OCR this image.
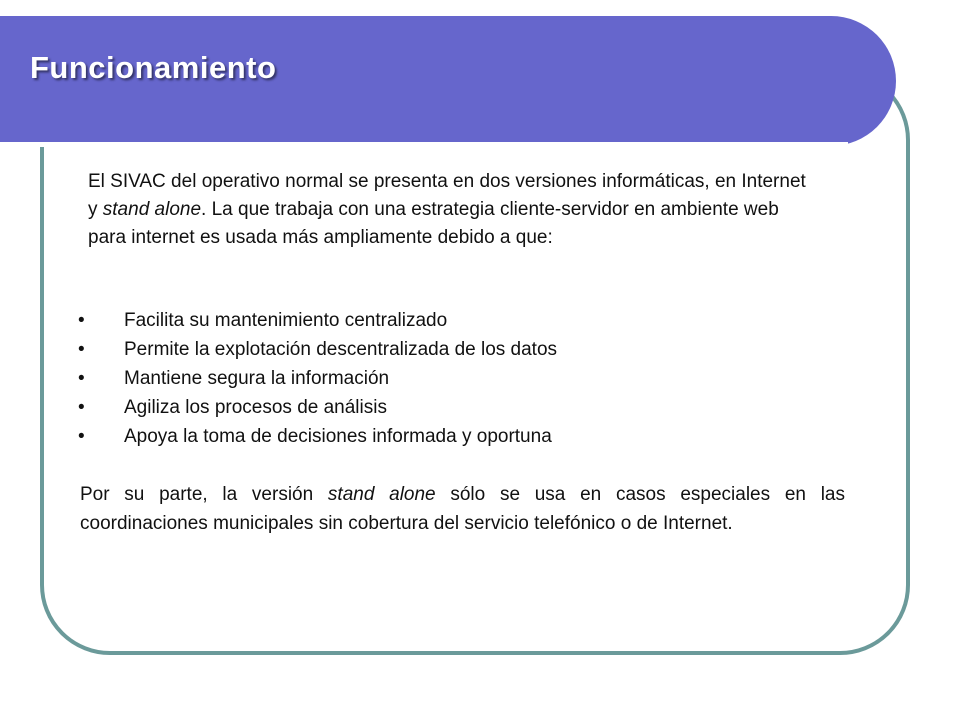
Funcionamiento

El SIVAC del operativo normal se presenta en dos versiones informáticas, en Internet y stand alone. La que trabaja con una estrategia cliente-servidor en ambiente web para internet es usada más ampliamente debido a que:

• Facilita su mantenimiento centralizado
• Permite la explotación descentralizada de los datos
• Mantiene segura la información
• Agiliza los procesos de análisis
• Apoya la toma de decisiones informada y oportuna

Por su parte, la versión stand alone sólo se usa en casos especiales en las coordinaciones municipales sin cobertura del servicio telefónico o de Internet.
